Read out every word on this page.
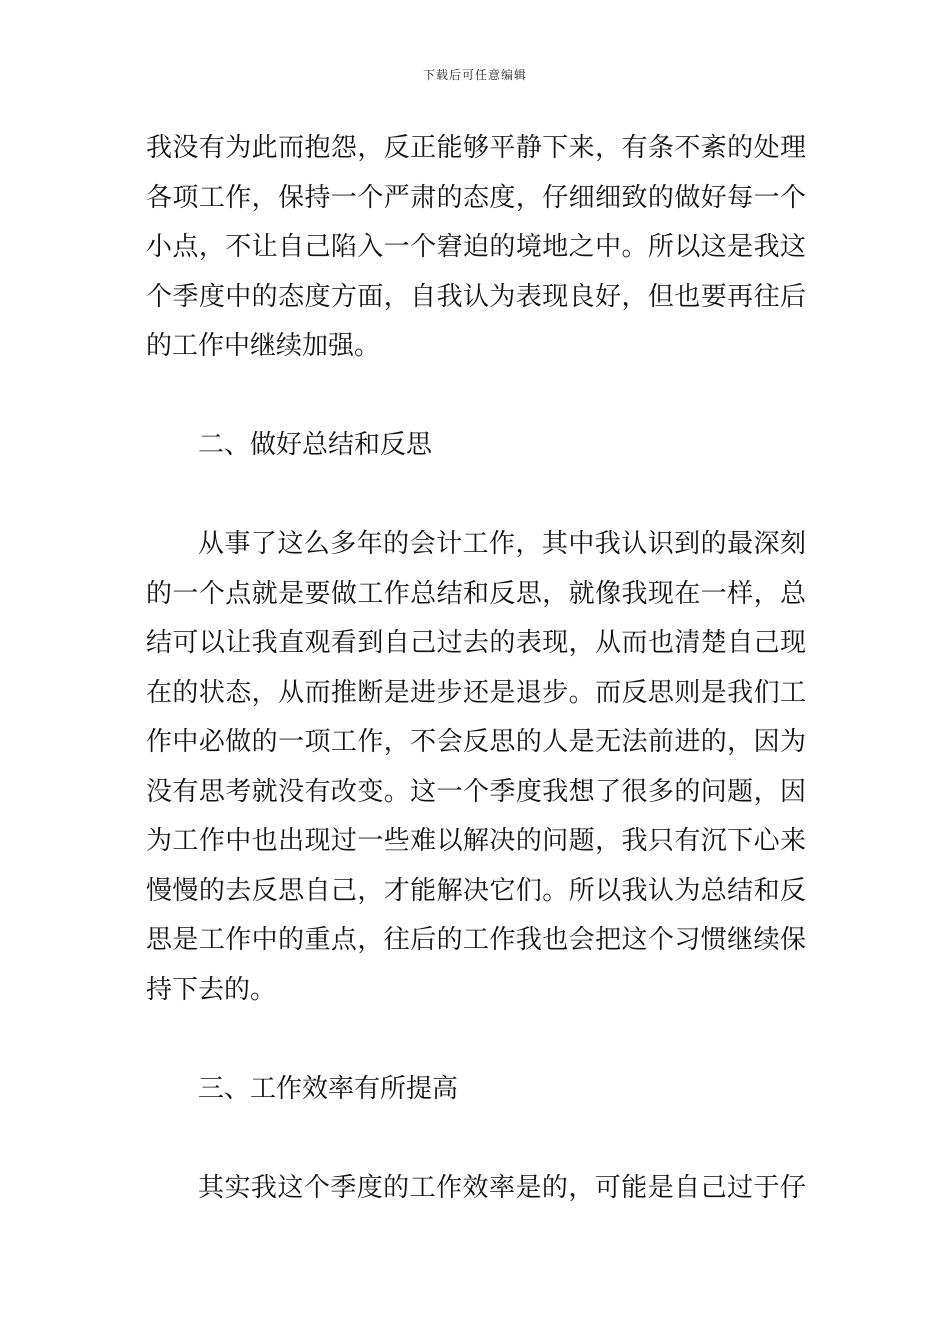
下载后可任意编辑
我没有为此而抱怨，反正能够平静下来，有条不紊的处理
各项工作，保持一个严肃的态度，仔细细致的做好每一个
小点，不让自己陷入一个窘迫的境地之中。所以这是我这
个季度中的态度方面，自我认为表现良好，但也要再往后
的工作中继续加强。
二、做好总结和反思
从事了这么多年的会计工作，其中我认识到的最深刻
的一个点就是要做工作总结和反思，就像我现在一样，总
结可以让我直观看到自己过去的表现，从而也清楚自己现
在的状态，从而推断是进步还是退步。而反思则是我们工
作中必做的一项工作，不会反思的人是无法前进的，因为
没有思考就没有改变。这一个季度我想了很多的问题，因
为工作中也出现过一些难以解决的问题，我只有沉下心来
慢慢的去反思自己，才能解决它们。所以我认为总结和反
思是工作中的重点，往后的工作我也会把这个习惯继续保
持下去的。
三、工作效率有所提高
其实我这个季度的工作效率是的，可能是自己过于仔
